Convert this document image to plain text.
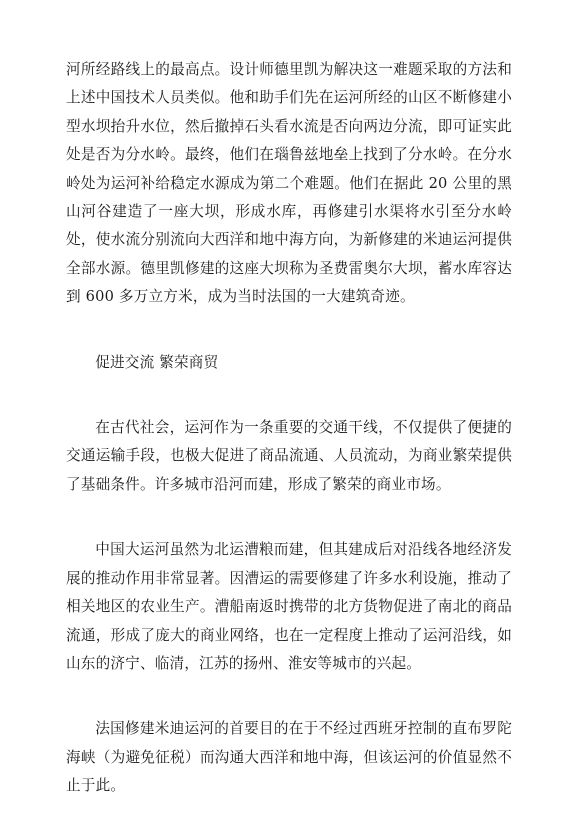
河所经路线上的最高点。设计师德里凯为解决这一难题采取的方法和上述中国技术人员类似。他和助手们先在运河所经的山区不断修建小型水坝抬升水位，然后撤掉石头看水流是否向两边分流，即可证实此处是否为分水岭。最终，他们在瑙鲁兹地垒上找到了分水岭。在分水岭处为运河补给稳定水源成为第二个难题。他们在据此 20 公里的黑山河谷建造了一座大坝，形成水库，再修建引水渠将水引至分水岭处，使水流分别流向大西洋和地中海方向，为新修建的米迪运河提供全部水源。德里凯修建的这座大坝称为圣费雷奥尔大坝，蓄水库容达到 600 多万立方米，成为当时法国的一大建筑奇迹。

促进交流 繁荣商贸

在古代社会，运河作为一条重要的交通干线，不仅提供了便捷的交通运输手段，也极大促进了商品流通、人员流动，为商业繁荣提供了基础条件。许多城市沿河而建，形成了繁荣的商业市场。

中国大运河虽然为北运漕粮而建，但其建成后对沿线各地经济发展的推动作用非常显著。因漕运的需要修建了许多水利设施，推动了相关地区的农业生产。漕船南返时携带的北方货物促进了南北的商品流通，形成了庞大的商业网络，也在一定程度上推动了运河沿线，如山东的济宁、临清，江苏的扬州、淮安等城市的兴起。

法国修建米迪运河的首要目的在于不经过西班牙控制的直布罗陀海峡（为避免征税）而沟通大西洋和地中海，但该运河的价值显然不止于此。
